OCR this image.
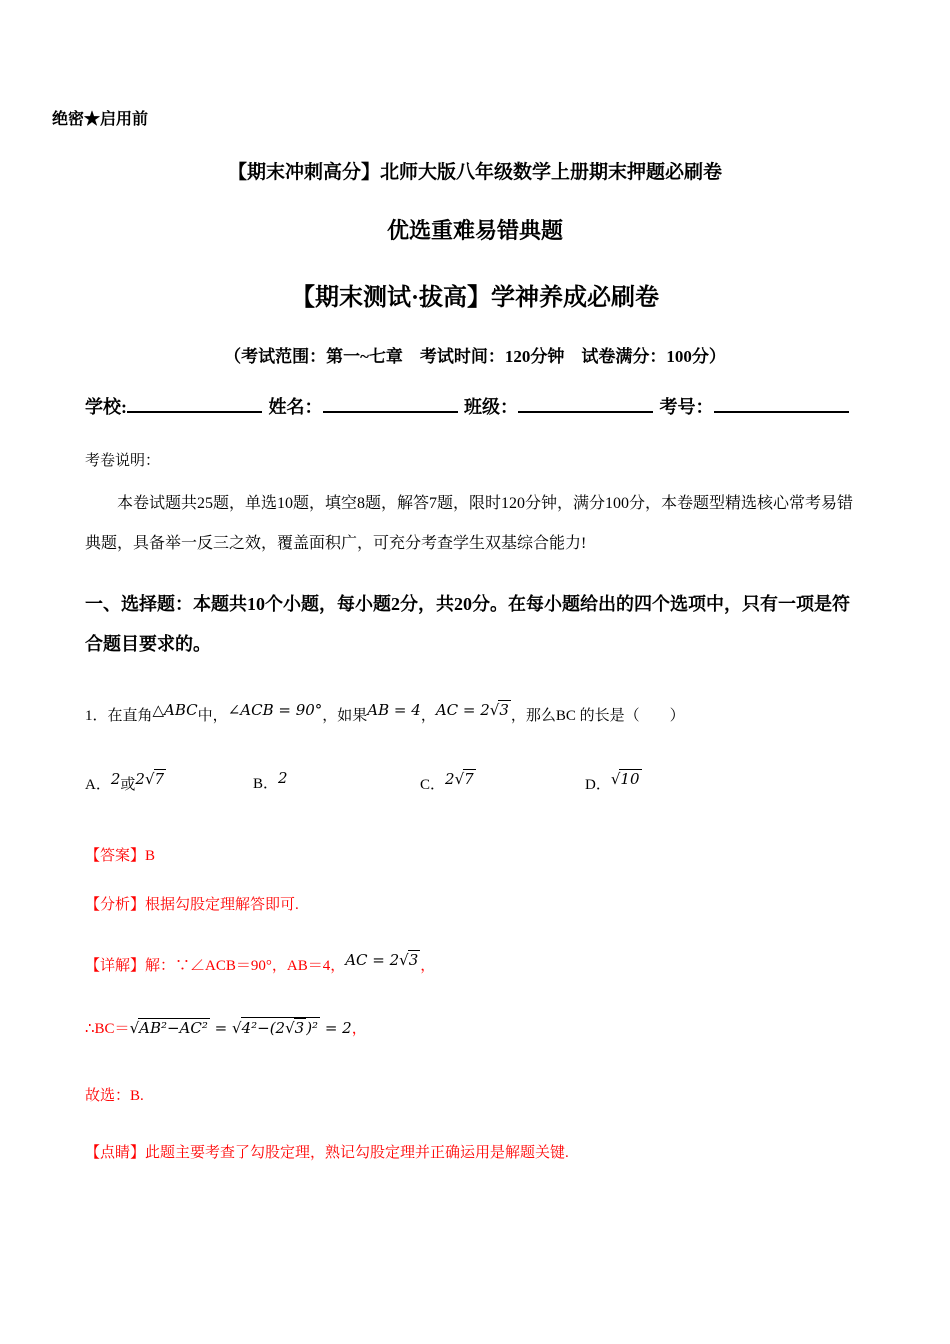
绝密★启用前
【期末冲刺高分】北师大版八年级数学上册期末押题必刷卷
优选重难易错典题
【期末测试·拔高】学神养成必刷卷
（考试范围：第一~七章　考试时间：120分钟　试卷满分：100分）
学校:	姓名：	班级：	考号：
考卷说明：
本卷试题共25题，单选10题，填空8题，解答7题，限时120分钟，满分100分，本卷题型精选核心常考易错典题，具备举一反三之效，覆盖面积广，可充分考查学生双基综合能力!
一、选择题：本题共10个小题，每小题2分，共20分。在每小题给出的四个选项中，只有一项是符合题目要求的。
1．在直角△ABC中，∠ACB = 90°，如果AB = 4，AC = 2√3 ，那么BC 的长是（　　）
A．2或2√7	B．2	C．2√7	D．√10
【答案】B
【分析】根据勾股定理解答即可.
【详解】解：∵∠ACB＝90°，AB＝4，AC = 2√3 ，
∴BC＝√AB²−AC² = √4²−(2√3 )² = 2，
故选：B.
【点睛】此题主要考查了勾股定理，熟记勾股定理并正确运用是解题关键.
